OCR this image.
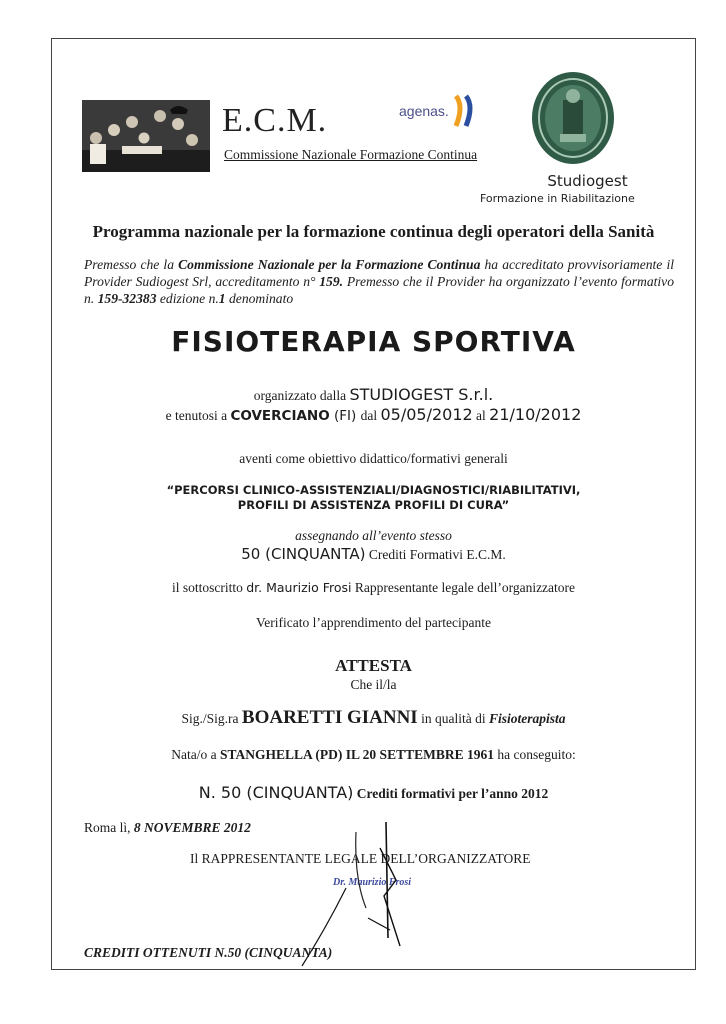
E.C.M.
Commissione Nazionale Formazione Continua
agenas.
Studiogest
Formazione in Riabilitazione
Programma nazionale per la formazione continua degli operatori della Sanità
Premesso che la Commissione Nazionale per la Formazione Continua ha accreditato provvisoriamente il Provider Sudiogest Srl, accreditamento n° 159. Premesso che il Provider ha organizzato l’evento formativo n. 159-32383 edizione n.1 denominato
FISIOTERAPIA SPORTIVA
organizzato dalla STUDIOGEST S.r.l.
e tenutosi a COVERCIANO (FI) dal 05/05/2012 al 21/10/2012
aventi come obiettivo didattico/formativi generali
“PERCORSI CLINICO-ASSISTENZIALI/DIAGNOSTICI/RIABILITATIVI,
PROFILI DI ASSISTENZA PROFILI DI CURA”
assegnando all’evento stesso
50 (CINQUANTA) Crediti Formativi E.C.M.
il sottoscritto dr. Maurizio Frosi Rappresentante legale dell’organizzatore
Verificato l’apprendimento del partecipante
ATTESTA
Che il/la
Sig./Sig.ra BOARETTI GIANNI in qualità di Fisioterapista
Nata/o a STANGHELLA (PD) IL 20 SETTEMBRE 1961 ha conseguito:
N. 50 (CINQUANTA) Crediti formativi per l’anno 2012
Roma lì, 8 NOVEMBRE 2012
Il RAPPRESENTANTE LEGALE DELL’ORGANIZZATORE
Dr. Maurizio Frosi
CREDITI OTTENUTI N.50 (CINQUANTA)
